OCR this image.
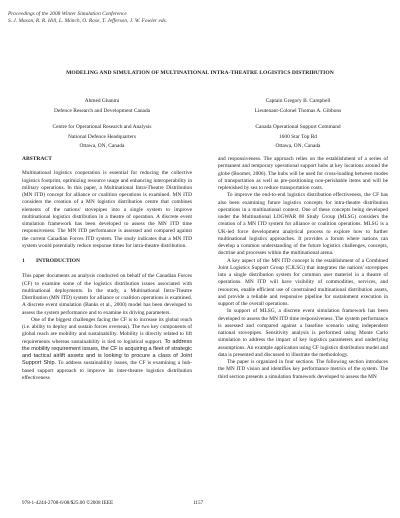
Proceedings of the 2008 Winter Simulation Conference
S. J. Mason, R. R. Hill, L. Mönch, O. Rose, T. Jefferson, J. W. Fowler eds.
MODELING AND SIMULATION OF MULTINATIONAL INTRA-THEATRE LOGISTICS DISTRIBUTION
Ahmed Ghanmi
Defence Research and Development Canada
Centre for Operational Research and Analysis
National Defence Headquarters
Ottawa, ON, Canada
Captain Gregory B. Campbell
Lieutenant-Colonel Thomas A. Gibbons
Canada Operational Support Command
1600 Star Top Rd
Ottawa, ON, Canada
ABSTRACT
Multinational logistics cooperation is essential for reducing the collective logistics footprint, optimizing resource usage and enhancing interoperability in military operations. In this paper, a Multinational Intra-Theatre Distribution (MN ITD) concept for alliance or coalition operations is examined. MN ITD considers the creation of a MN logistics distribution centre that combines elements of the nations' stovepipes into a single system to improve multinational logistics distribution in a theatre of operation. A discrete event simulation framework has been developed to assess the MN ITD time responsiveness. The MN ITD performance is assessed and compared against the current Canadian Forces ITD system. The study indicates that a MN ITD system would potentially reduce response times for intra-theatre distribution.
1 INTRODUCTION
This paper documents an analysis conducted on behalf of the Canadian Forces (CF) to examine some of the logistics distribution issues associated with multinational deployments. In the study, a Multinational Intra-Theatre Distribution (MN ITD) system for alliance or coalition operations is examined. A discrete event simulation (Banks et al., 2000) model has been developed to assess the system performance and to examine its driving parameters.
One of the biggest challenges facing the CF is to increase its global reach (i.e. ability to deploy and sustain forces overseas). The two key components of global reach are mobility and sustainability. Mobility is directly related to lift requirements whereas sustainability is tied to logistical support. To address the mobility requirement issues, the CF is acquiring a fleet of strategic and tactical airlift assets and is looking to procure a class of Joint Support Ship. To address sustainability issues, the CF is examining a hub-based support approach to improve its inter-theatre logistics distribution effectiveness
and responsiveness. The approach relies on the establishment of a series of permanent and temporary operational support hubs at key locations around the globe (Boomer, 2006). The hubs will be used for cross-loading between modes of transportation as well as pre-positioning non-perishable items and will be replenished by sea to reduce transportation costs.
To improve the end-to-end logistics distribution effectiveness, the CF has also been examining future logistics concepts for intra-theatre distribution operations in a multinational context. One of these concepts being developed under the Multinational LOGWAR 08 Study Group (MLSG) considers the creation of a MN ITD system for alliance or coalition operations. MLSG is a UK-led force development analytical process to explore how to further multinational logistics approaches. It provides a forum where nations can develop a common understanding of the future logistics challenges, concepts, doctrine and processes within the multinational arena.
A key aspect of the MN ITD concept is the establishment of a Combined Joint Logistics Support Group (CJLSG) that integrates the nations' stovepipes into a single distribution system for common user materiel in a theatre of operations. MN ITD will have visibility of commodities, services, and resources, enable efficient use of constrained multinational distribution assets, and provide a reliable and responsive pipeline for sustainment execution in support of the overall operations.
In support of MLSG, a discrete event simulation framework has been developed to assess the MN ITD time responsiveness. The system performance is assessed and compared against a baseline scenario using independent national stovepipes. Sensitivity analysis is performed using Monte Carlo simulation to address the impact of key logistics parameters and underlying assumptions. An example application using CF logistics distribution model and data is presented and discussed to illustrate the methodology.
The paper is organized in four sections. The following section introduces the MN ITD vision and identifies key performance metrics of the system. The third section presents a simulation framework developed to assess the MN
978-1-4244-2708-6/08/$25.00 ©2008 IEEE	1157
